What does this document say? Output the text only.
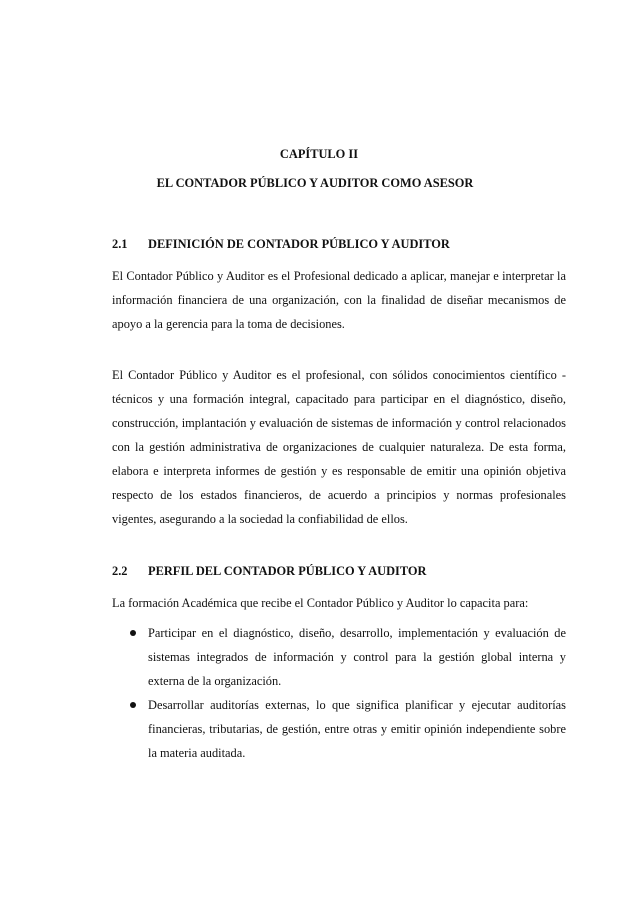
CAPÍTULO II
EL CONTADOR PÚBLICO Y AUDITOR COMO ASESOR
2.1 DEFINICIÓN DE CONTADOR PÚBLICO Y AUDITOR

El Contador Público y Auditor es el Profesional dedicado a aplicar, manejar e interpretar la información financiera de una organización, con la finalidad de diseñar mecanismos de apoyo a la gerencia para la toma de decisiones.

El Contador Público y Auditor es el profesional, con sólidos conocimientos científico - técnicos y una formación integral, capacitado para participar en el diagnóstico, diseño, construcción, implantación y evaluación de sistemas de información y control relacionados con la gestión administrativa de organizaciones de cualquier naturaleza. De esta forma, elabora e interpreta informes de gestión y es responsable de emitir una opinión objetiva respecto de los estados financieros, de acuerdo a principios y normas profesionales vigentes, asegurando a la sociedad la confiabilidad de ellos.

2.2 PERFIL DEL CONTADOR PÚBLICO Y AUDITOR

La formación Académica que recibe el Contador Público y Auditor lo capacita para:

Participar en el diagnóstico, diseño, desarrollo, implementación y evaluación de sistemas integrados de información y control para la gestión global interna y externa de la organización.
Desarrollar auditorías externas, lo que significa planificar y ejecutar auditorías financieras, tributarias, de gestión, entre otras y emitir opinión independiente sobre la materia auditada.
